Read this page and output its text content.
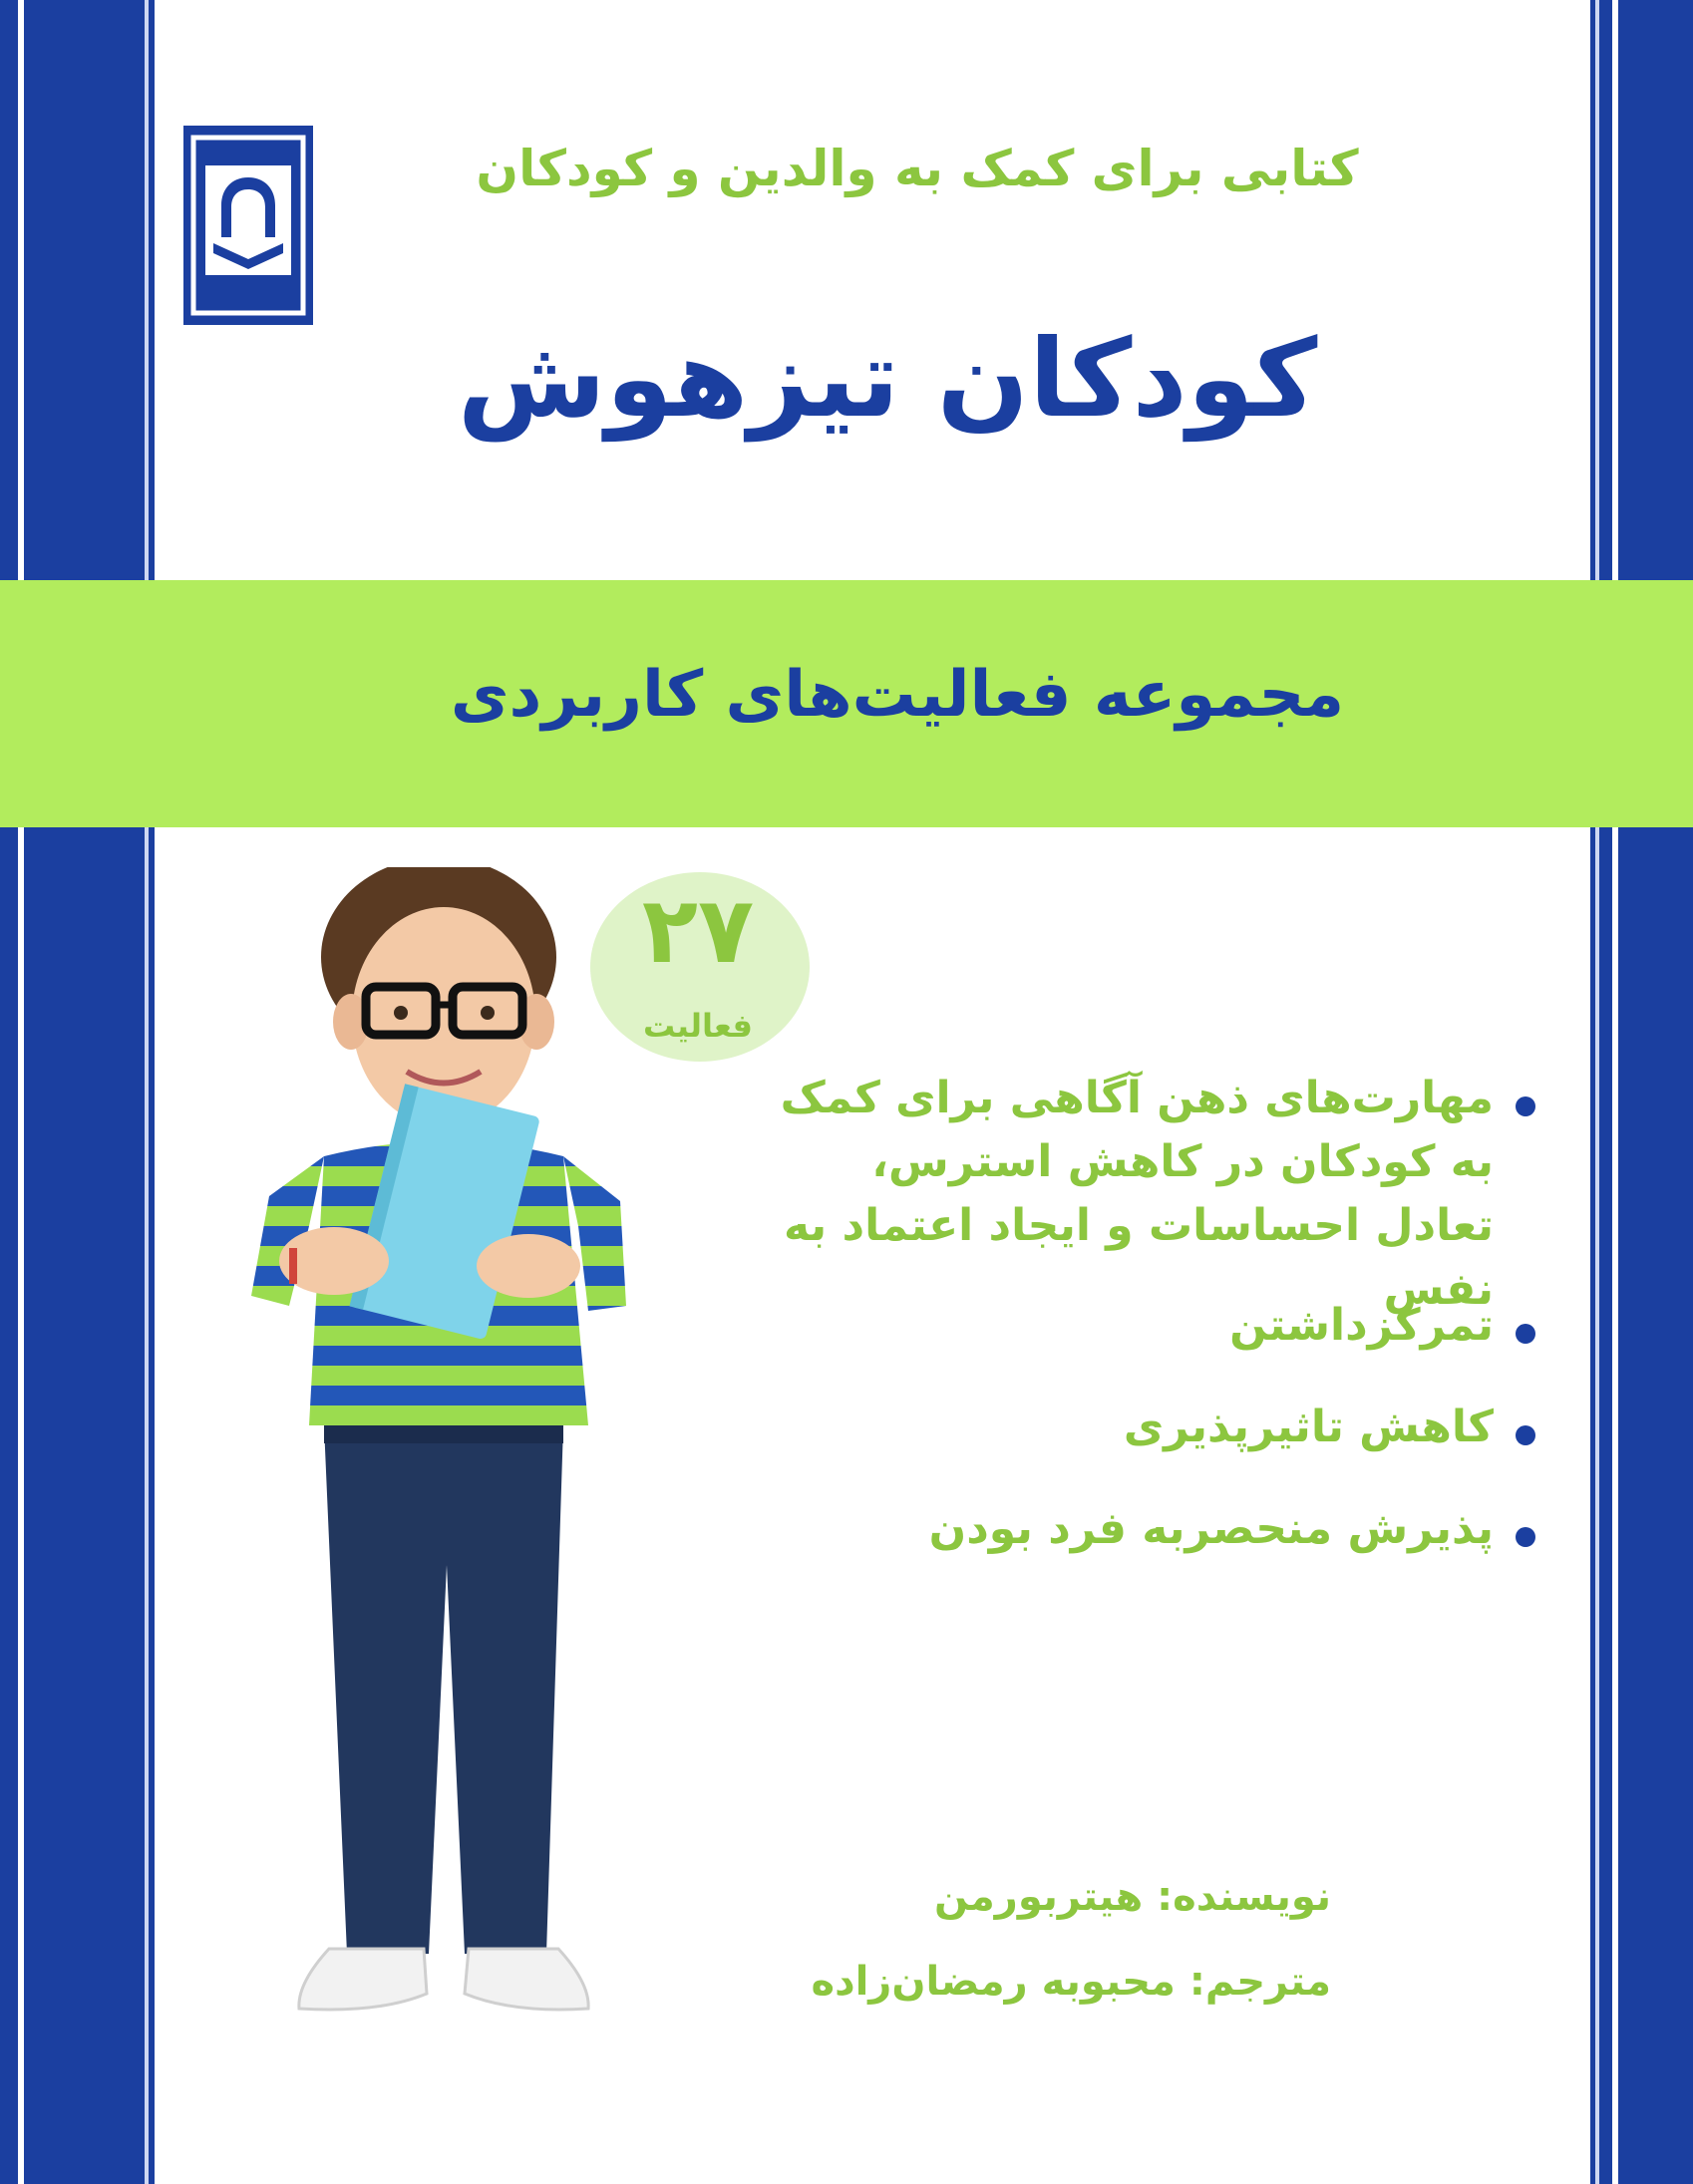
کتابی برای کمک به والدین و کودکان
کودکان تیزهوش
مجموعه فعالیت‌های کاربردی
۲۷
فعالیت
مهارت‌های ذهن آگاهی برای کمک به کودکان در کاهش استرس، تعادل احساسات و ایجاد اعتماد به نفس
تمرکزداشتن
کاهش تاثیرپذیری
پذیرش منحصربه فرد بودن
نویسنده: هیتربورمن
مترجم: محبوبه رمضان‌زاده
